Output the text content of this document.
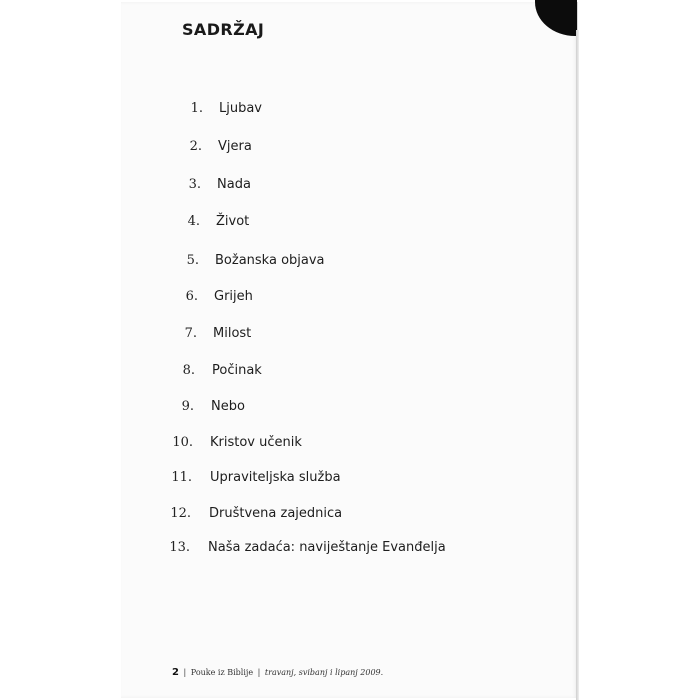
SADRŽAJ
1. Ljubav
2. Vjera
3. Nada
4. Život
5. Božanska objava
6. Grijeh
7. Milost
8. Počinak
9. Nebo
10. Kristov učenik
11. Upraviteljska služba
12. Društvena zajednica
13. Naša zadaća: naviještanje Evanđelja
2 | Pouke iz Biblije | travanj, svibanj i lipanj 2009.
